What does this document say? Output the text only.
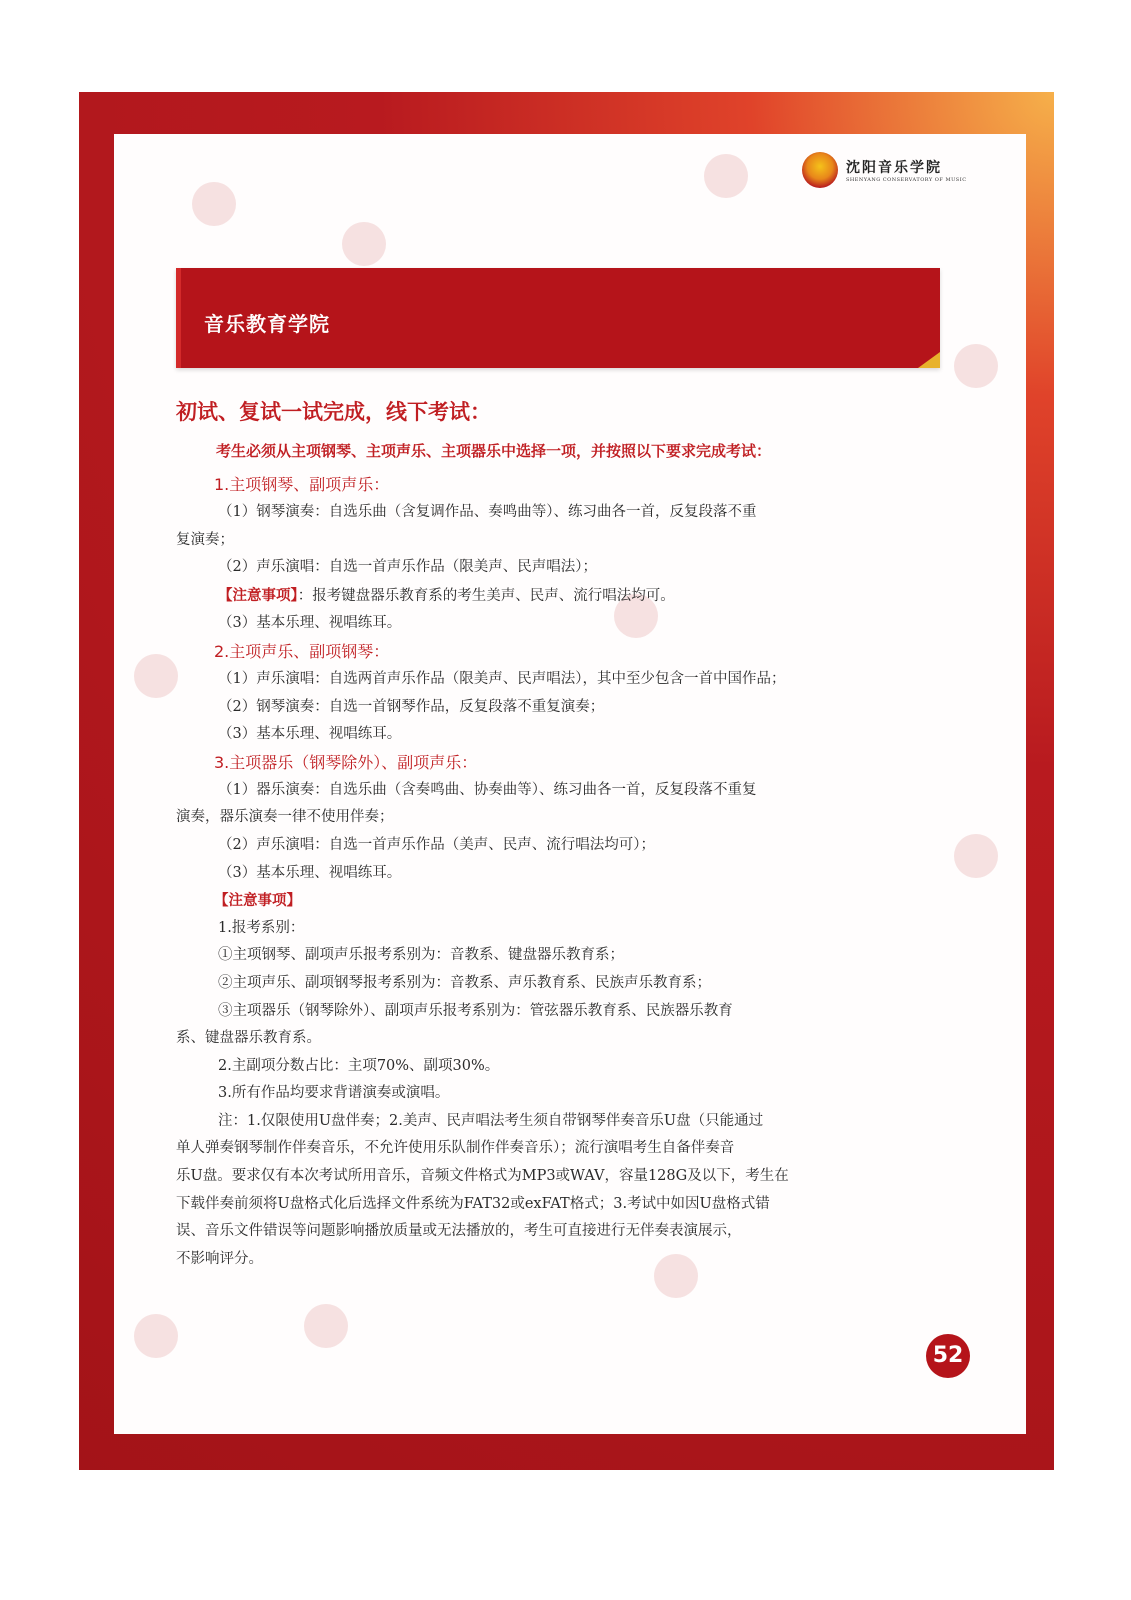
沈阳音乐学院
SHENYANG CONSERVATORY OF MUSIC
音乐教育学院
初试、复试一试完成，线下考试：
考生必须从主项钢琴、主项声乐、主项器乐中选择一项，并按照以下要求完成考试：

1.主项钢琴、副项声乐：

（1）钢琴演奏：自选乐曲（含复调作品、奏鸣曲等）、练习曲各一首，反复段落不重

复演奏；

（2）声乐演唱：自选一首声乐作品（限美声、民声唱法）；

【注意事项】：报考键盘器乐教育系的考生美声、民声、流行唱法均可。

（3）基本乐理、视唱练耳。

2.主项声乐、副项钢琴：

（1）声乐演唱：自选两首声乐作品（限美声、民声唱法），其中至少包含一首中国作品；

（2）钢琴演奏：自选一首钢琴作品，反复段落不重复演奏；

（3）基本乐理、视唱练耳。

3.主项器乐（钢琴除外）、副项声乐：

（1）器乐演奏：自选乐曲（含奏鸣曲、协奏曲等）、练习曲各一首，反复段落不重复

演奏，器乐演奏一律不使用伴奏；

（2）声乐演唱：自选一首声乐作品（美声、民声、流行唱法均可）；

（3）基本乐理、视唱练耳。

【注意事项】

1.报考系别：

①主项钢琴、副项声乐报考系别为：音教系、键盘器乐教育系；

②主项声乐、副项钢琴报考系别为：音教系、声乐教育系、民族声乐教育系；

③主项器乐（钢琴除外）、副项声乐报考系别为：管弦器乐教育系、民族器乐教育

系、键盘器乐教育系。

2.主副项分数占比：主项70%、副项30%。

3.所有作品均要求背谱演奏或演唱。

注：1.仅限使用U盘伴奏；2.美声、民声唱法考生须自带钢琴伴奏音乐U盘（只能通过

单人弹奏钢琴制作伴奏音乐，不允许使用乐队制作伴奏音乐）；流行演唱考生自备伴奏音

乐U盘。要求仅有本次考试所用音乐，音频文件格式为MP3或WAV，容量128G及以下，考生在

下载伴奏前须将U盘格式化后选择文件系统为FAT32或exFAT格式；3.考试中如因U盘格式错

误、音乐文件错误等问题影响播放质量或无法播放的，考生可直接进行无伴奏表演展示，

不影响评分。

52
